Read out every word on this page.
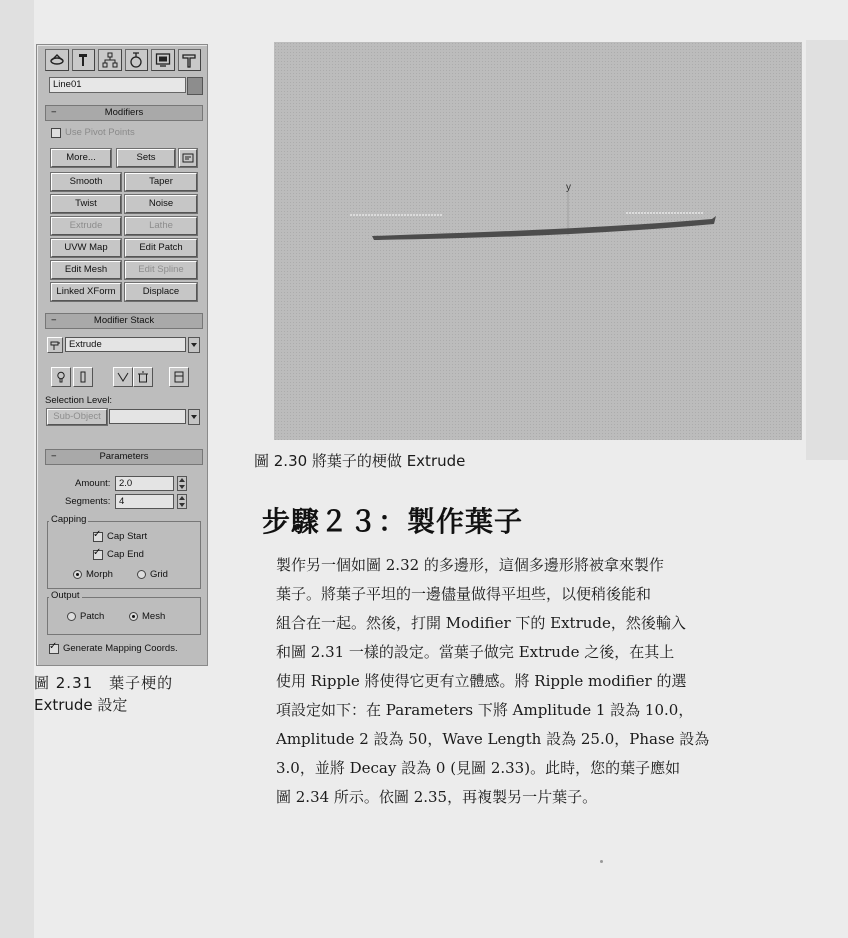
Line01
−	Modifiers
Use Pivot Points
More...	Sets
Smooth	Taper
Twist	Noise
Extrude	Lathe
UVW Map	Edit Patch
Edit Mesh	Edit Spline
Linked XForm	Displace
−	Modifier Stack
Extrude
Selection Level:
Sub-Object
−	Parameters
Amount: 2.0
Segments: 4
Capping
✓
Cap Start
✓
Cap End
Morph	Grid
Output
Patch	Mesh
✓
Generate Mapping Coords.
y
圖 2.30 將葉子的梗做 Extrude
圖 2.31　葉子梗的
Extrude 設定
步驟２３：製作葉子
製作另一個如圖 2.32 的多邊形，這個多邊形將被拿來製作
葉子。將葉子平坦的一邊儘量做得平坦些，以便稍後能和
組合在一起。然後，打開 Modifier 下的 Extrude，然後輸入
和圖 2.31 一樣的設定。當葉子做完 Extrude 之後，在其上
使用 Ripple 將使得它更有立體感。將 Ripple modifier 的選
項設定如下：在 Parameters 下將 Amplitude 1 設為 10.0，
Amplitude 2 設為 50，Wave Length 設為 25.0，Phase 設為
3.0，並將 Decay 設為 0 (見圖 2.33)。此時，您的葉子應如
圖 2.34 所示。依圖 2.35，再複製另一片葉子。
